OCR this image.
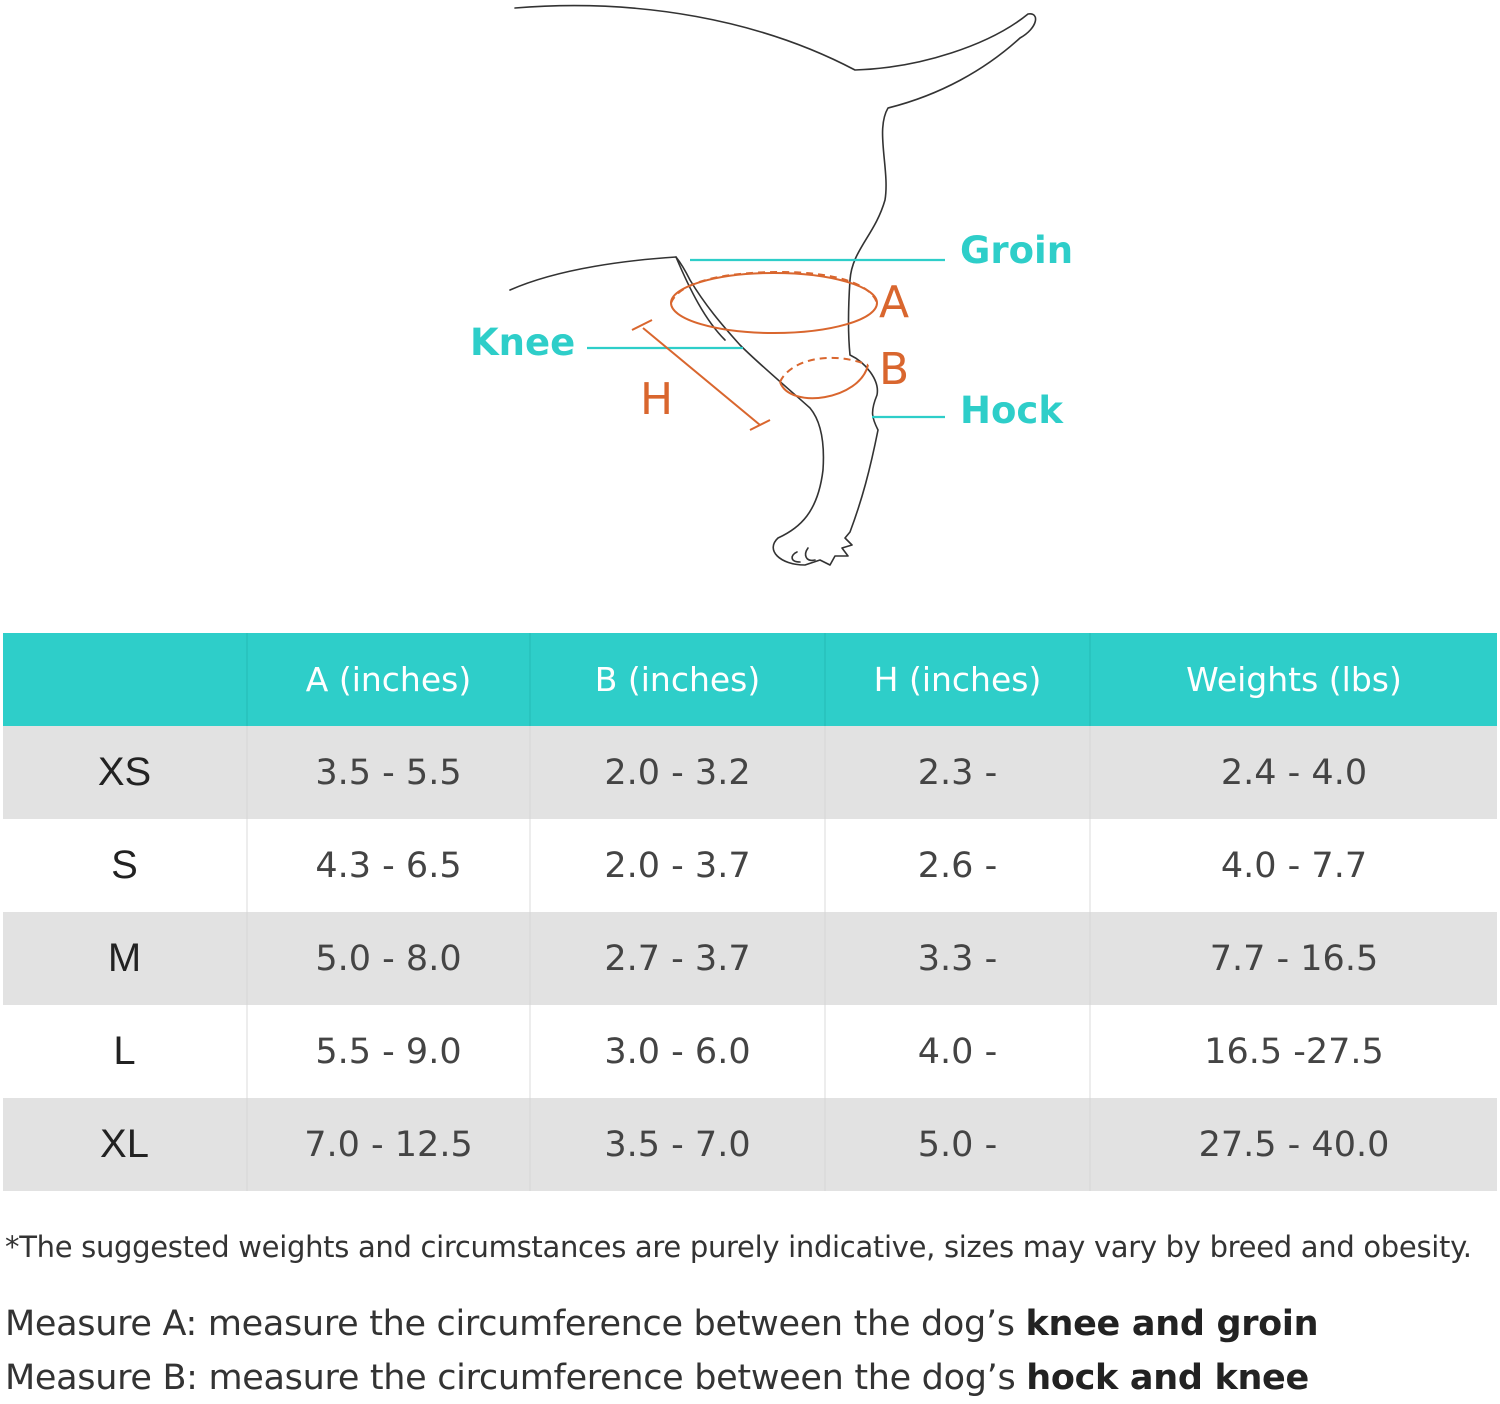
Groin
Knee
Hock
A
B
H
	A (inches)	B (inches)	H (inches)	Weights (lbs)
XS	3.5 - 5.5	2.0 - 3.2	2.3 -	2.4 - 4.0
S	4.3 - 6.5	2.0 - 3.7	2.6 -	4.0 - 7.7
M	5.0 - 8.0	2.7 - 3.7	3.3 -	7.7 - 16.5
L	5.5 - 9.0	3.0 - 6.0	4.0 -	16.5 -27.5
XL	7.0 - 12.5	3.5 - 7.0	5.0 -	27.5 - 40.0
*The suggested weights and circumstances are purely indicative, sizes may vary by breed and obesity.
Measure A: measure the circumference between the dog’s knee and groin
Measure B: measure the circumference between the dog’s hock and knee
